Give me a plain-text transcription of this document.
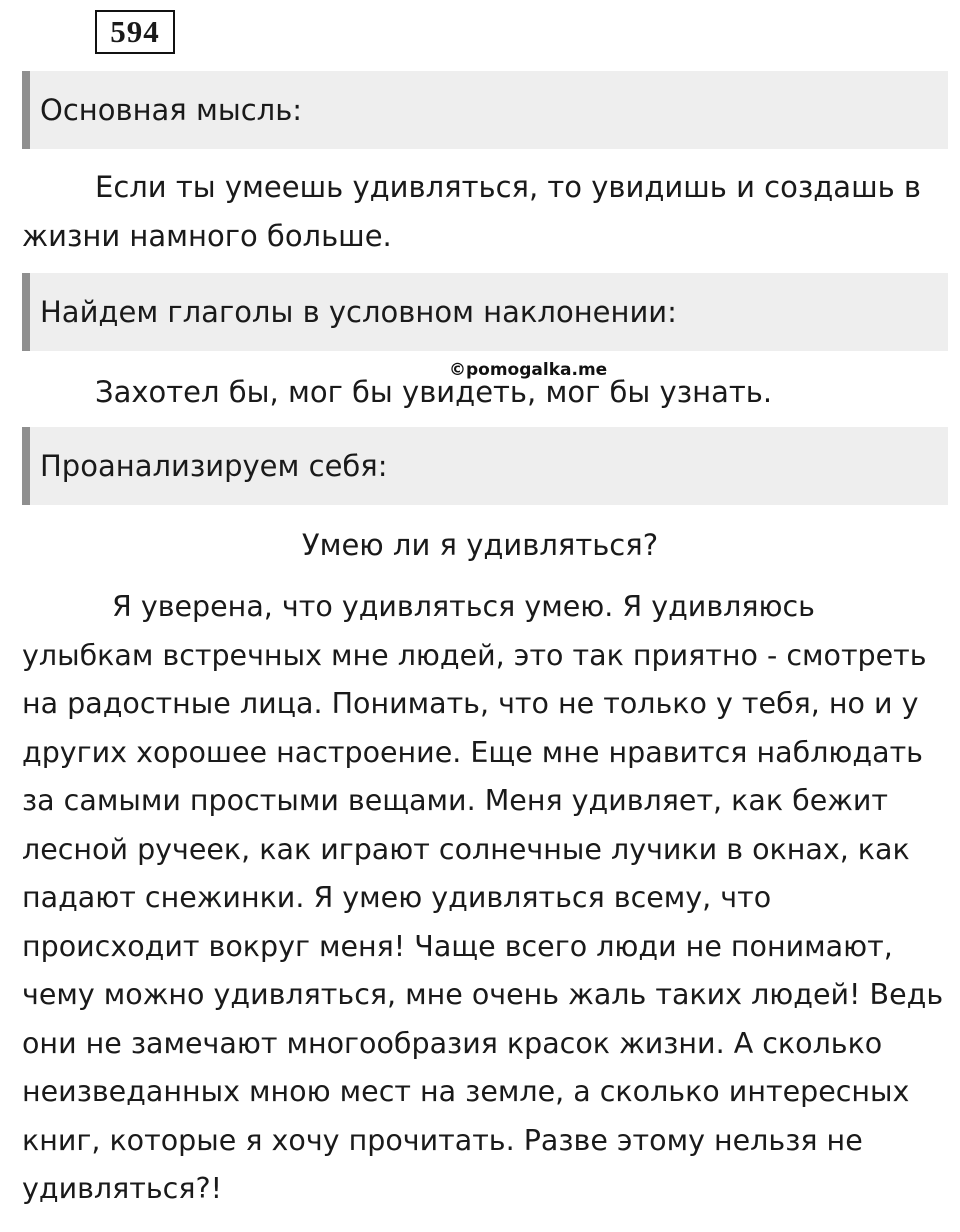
594
Основная мысль:
Если ты умеешь удивляться, то увидишь и создашь в жизни намного больше.
Найдем глаголы в условном наклонении:
©pomogalka.me
Захотел бы, мог бы увидеть, мог бы узнать.
Проанализируем себя:
Умею ли я удивляться?
Я уверена, что удивляться умею. Я удивляюсь
улыбкам встречных мне людей, это так приятно - смотреть
на радостные лица. Понимать, что не только у тебя, но и у
других хорошее настроение. Еще мне нравится наблюдать
за самыми простыми вещами. Меня удивляет, как бежит
лесной ручеек, как играют солнечные лучики в окнах, как
падают снежинки. Я умею удивляться всему, что
происходит вокруг меня! Чаще всего люди не понимают,
чему можно удивляться, мне очень жаль таких людей! Ведь
они не замечают многообразия красок жизни. А сколько
неизведанных мною мест на земле, а сколько интересных
книг, которые я хочу прочитать. Разве этому нельзя не
удивляться?!
